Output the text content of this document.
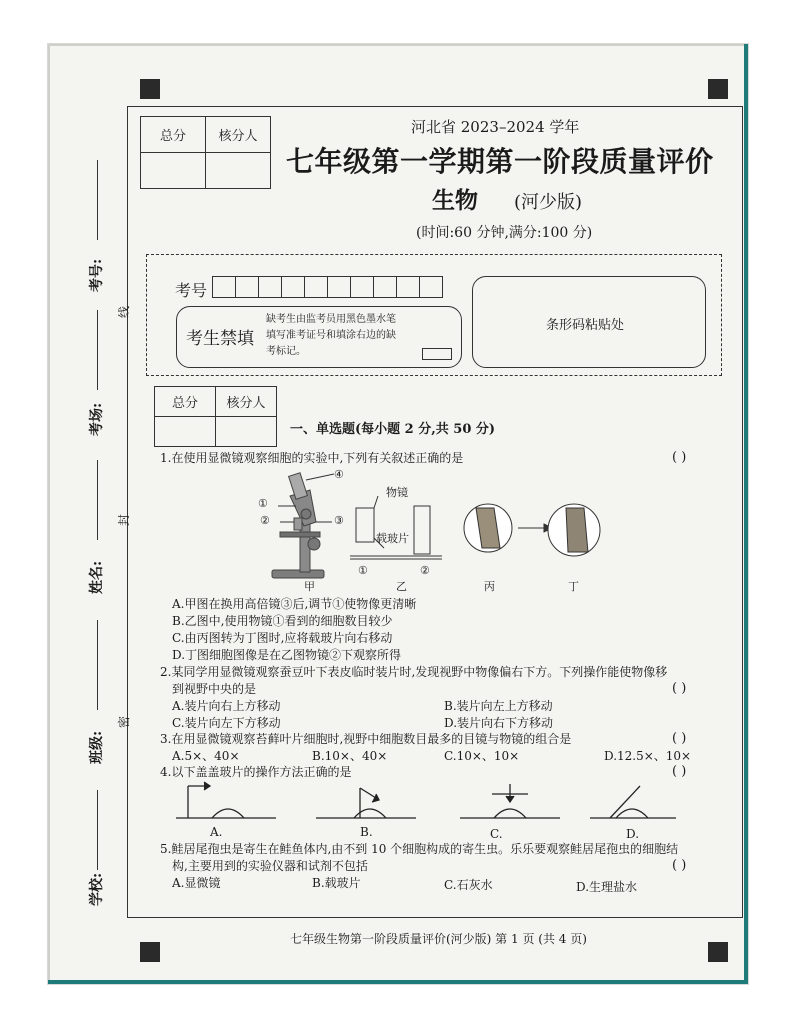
考号:
考场:
姓名:
班级:
学校:
密
封
线
总分	核分人

河北省 2023–2024 学年
七年级第一学期第一阶段质量评价
生物 (河少版)
(时间:60 分钟,满分:100 分)
考号
考生禁填
缺考生由监考员用黑色墨水笔
填写准考证号和填涂右边的缺
考标记。
条形码粘贴处
总分	核分人

一、单选题(每小题 2 分,共 50 分)
1.在使用显微镜观察细胞的实验中,下列有关叙述正确的是	( )
④
①
②	③
物镜
载玻片
①	②
甲	乙	丙	丁
A.甲图在换用高倍镜③后,调节①使物像更清晰
B.乙图中,使用物镜①看到的细胞数目较少
C.由丙图转为丁图时,应将载玻片向右移动
D.丁图细胞图像是在乙图物镜②下观察所得
2.某同学用显微镜观察蚕豆叶下表皮临时装片时,发现视野中物像偏右下方。下列操作能使物像移
到视野中央的是	( )
A.装片向右上方移动	B.装片向左上方移动
C.装片向左下方移动	D.装片向右下方移动
3.在用显微镜观察苔藓叶片细胞时,视野中细胞数目最多的目镜与物镜的组合是	( )
A.5×、40×	B.10×、40×	C.10×、10×	D.12.5×、10×
4.以下盖盖玻片的操作方法正确的是	( )
A.	B.	C.	D.
5.鲑居尾孢虫是寄生在鲑鱼体内,由不到 10 个细胞构成的寄生虫。乐乐要观察鲑居尾孢虫的细胞结
构,主要用到的实验仪器和试剂不包括	( )
A.显微镜	B.载玻片	C.石灰水	D.生理盐水
七年级生物第一阶段质量评价(河少版) 第 1 页 (共 4 页)
